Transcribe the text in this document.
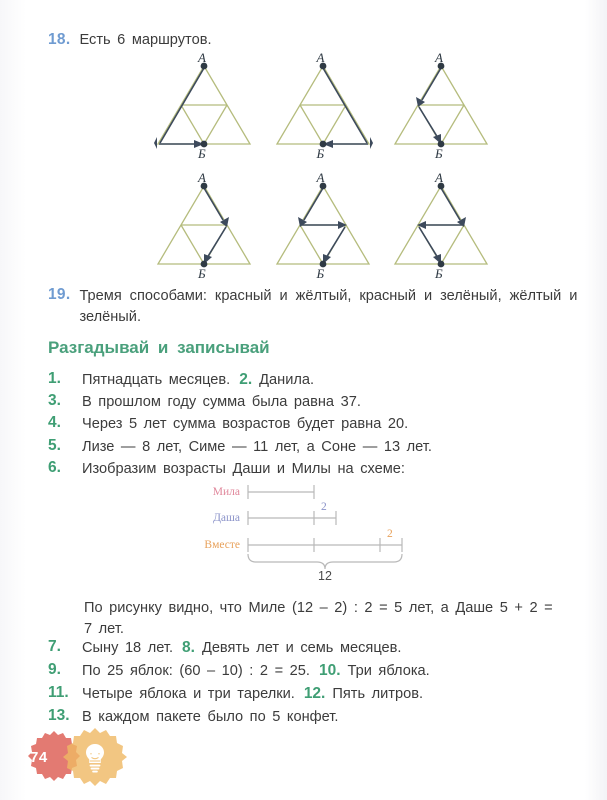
18. Есть 6 маршрутов.
А
Б
А
Б
А
Б
А
Б
А
Б
А
Б
19. Тремя способами: красный и жёлтый, красный и зелёный, жёлтый и зелёный.
Разгадывай и записывай
1.	Пятнадцать месяцев. 2. Данила.
3.	В прошлом году сумма была равна 37.
4.	Через 5 лет сумма возрастов будет равна 20.
5.	Лизе — 8 лет, Симе — 11 лет, а Соне — 13 лет.
6.	Изобразим возрасты Даши и Милы на схеме:
Мила
Даша
2
Вместе
2
12
По рисунку видно, что Миле (12 – 2) : 2 = 5 лет, а Даше 5 + 2 = 7 лет.
7.	Сыну 18 лет. 8. Девять лет и семь месяцев.
9.	По 25 яблок: (60 – 10) : 2 = 25. 10. Три яблока.
11. Четыре яблока и три тарелки. 12. Пять литров.
13. В каждом пакете было по 5 конфет.
74
